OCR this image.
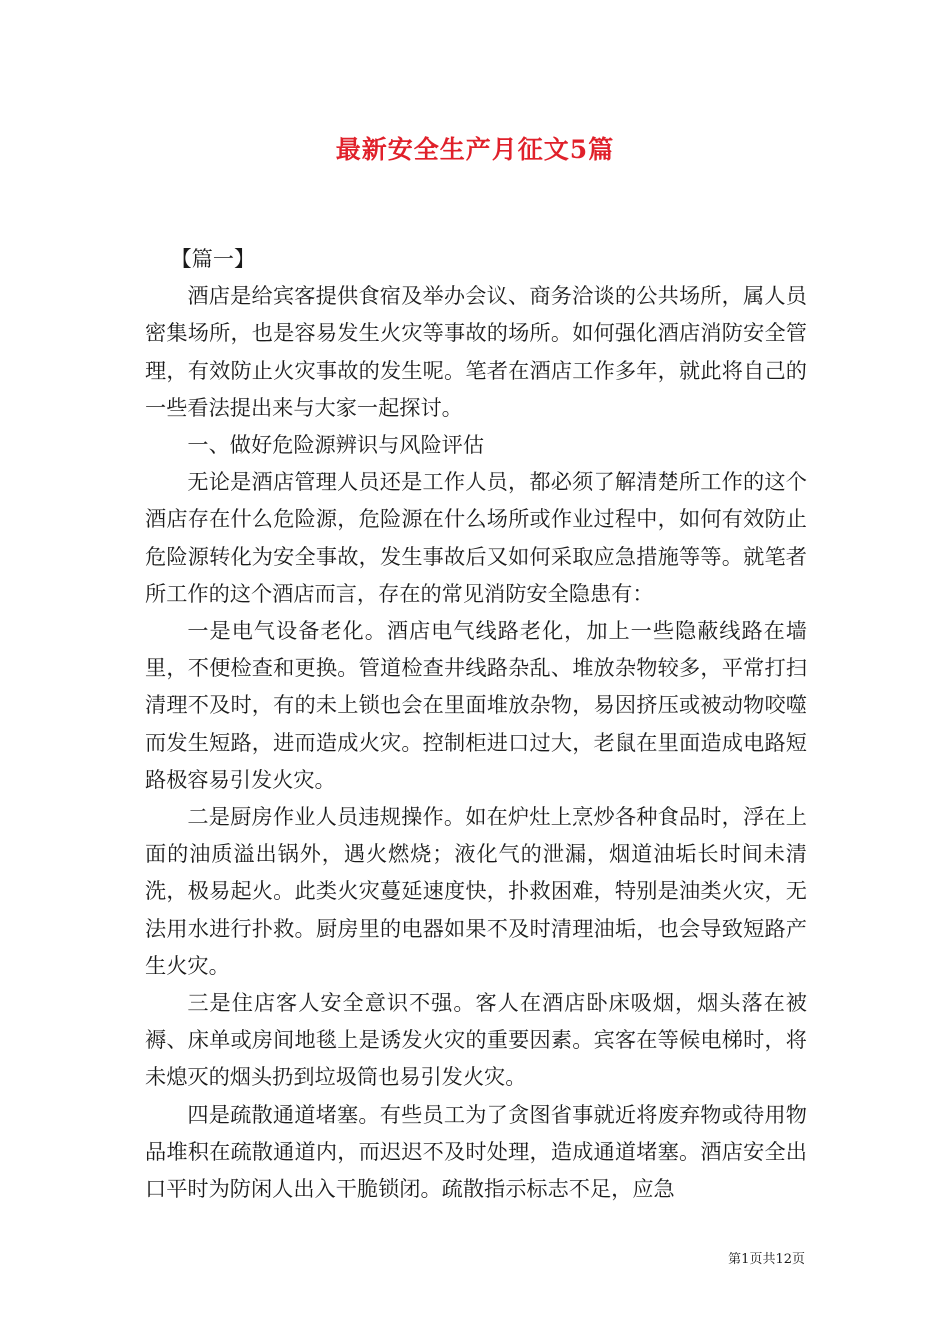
最新安全生产月征文5篇

【篇一】

酒店是给宾客提供食宿及举办会议、商务洽谈的公共场所，属人员密集场所，也是容易发生火灾等事故的场所。如何强化酒店消防安全管理，有效防止火灾事故的发生呢。笔者在酒店工作多年，就此将自己的一些看法提出来与大家一起探讨。

一、做好危险源辨识与风险评估

无论是酒店管理人员还是工作人员，都必须了解清楚所工作的这个酒店存在什么危险源，危险源在什么场所或作业过程中，如何有效防止危险源转化为安全事故，发生事故后又如何采取应急措施等等。就笔者所工作的这个酒店而言，存在的常见消防安全隐患有：

一是电气设备老化。酒店电气线路老化，加上一些隐蔽线路在墙里，不便检查和更换。管道检查井线路杂乱、堆放杂物较多，平常打扫清理不及时，有的未上锁也会在里面堆放杂物，易因挤压或被动物咬噬而发生短路，进而造成火灾。控制柜进口过大，老鼠在里面造成电路短路极容易引发火灾。

二是厨房作业人员违规操作。如在炉灶上烹炒各种食品时，浮在上面的油质溢出锅外，遇火燃烧；液化气的泄漏，烟道油垢长时间未清洗，极易起火。此类火灾蔓延速度快，扑救困难，特别是油类火灾，无法用水进行扑救。厨房里的电器如果不及时清理油垢，也会导致短路产生火灾。

三是住店客人安全意识不强。客人在酒店卧床吸烟，烟头落在被褥、床单或房间地毯上是诱发火灾的重要因素。宾客在等候电梯时，将未熄灭的烟头扔到垃圾筒也易引发火灾。

四是疏散通道堵塞。有些员工为了贪图省事就近将废弃物或待用物品堆积在疏散通道内，而迟迟不及时处理，造成通道堵塞。酒店安全出口平时为防闲人出入干脆锁闭。疏散指示标志不足，应急

第1页共12页
